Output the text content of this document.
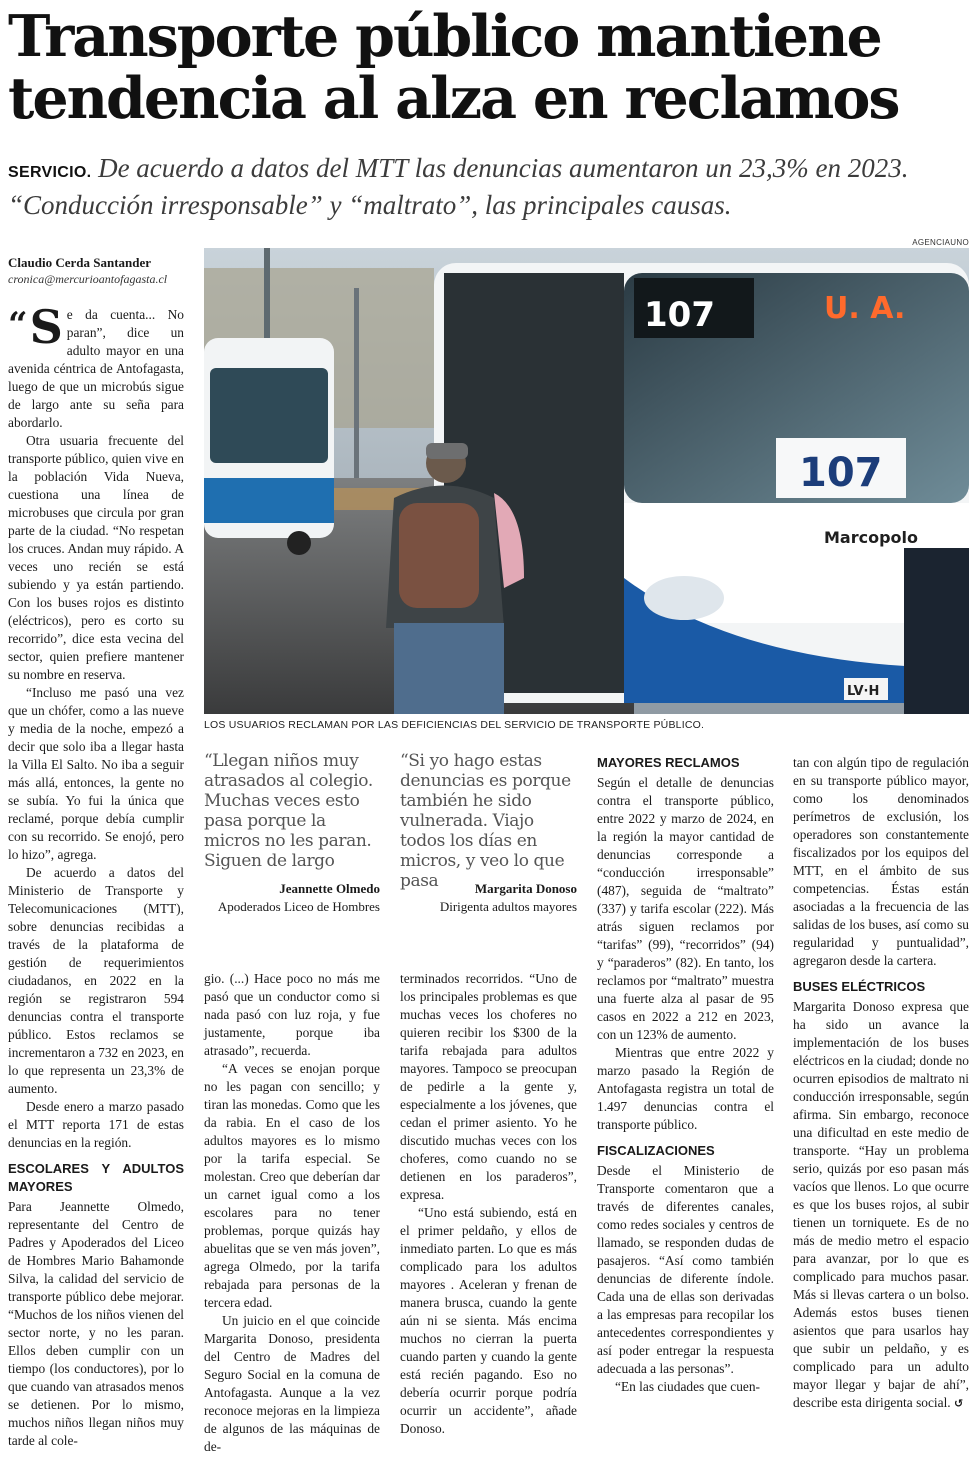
Transporte público mantiene
tendencia al alza en reclamos

SERVICIO. De acuerdo a datos del MTT las denuncias aumentaron un 23,3% en 2023. “Conducción irresponsable” y “maltrato”, las principales causas.

Claudio Cerda Santander
cronica@mercurioantofagasta.cl
AGENCIAUNO
107	U. A.
107
Marcopolo
LV·H
LOS USUARIOS RECLAMAN POR LAS DEFICIENCIAS DEL SERVICIO DE TRANSPORTE PÚBLICO.
“ S e da cuenta... No paran”, dice un adulto mayor en una avenida céntrica de Antofagasta, luego de que un microbús sigue de largo ante su seña para abordarlo.

Otra usuaria frecuente del transporte público, quien vive en la población Vida Nueva, cuestiona una línea de microbuses que circula por gran parte de la ciudad. “No respetan los cruces. Andan muy rápido. A veces uno recién se está subiendo y ya están partiendo. Con los buses rojos es distinto (eléctricos), pero es corto su recorrido”, dice esta vecina del sector, quien prefiere mantener su nombre en reserva.

“Incluso me pasó una vez que un chófer, como a las nueve y media de la noche, empezó a decir que solo iba a llegar hasta la Villa El Salto. No iba a seguir más allá, entonces, la gente no se subía. Yo fui la única que reclamé, porque debía cumplir con su recorrido. Se enojó, pero lo hizo”, agrega.

De acuerdo a datos del Ministerio de Transporte y Telecomunicaciones (MTT), sobre denuncias recibidas a través de la plataforma de gestión de requerimientos ciudadanos, en 2022 en la región se registraron 594 denuncias contra el transporte público. Estos reclamos se incrementaron a 732 en 2023, en lo que representa un 23,3% de aumento.

Desde enero a marzo pasado el MTT reporta 171 de estas denuncias en la región.

ESCOLARES Y ADULTOS MAYORES

Para Jeannette Olmedo, representante del Centro de Padres y Apoderados del Liceo de Hombres Mario Bahamonde Silva, la calidad del servicio de transporte público debe mejorar. “Muchos de los niños vienen del sector norte, y no les paran. Ellos deben cumplir con un tiempo (los conductores), por lo que cuando van atrasados menos se detienen. Por lo mismo, muchos niños llegan niños muy tarde al cole-

“Llegan niños muy atrasados al colegio. Muchas veces esto pasa porque la micros no les paran. Siguen de largo
Jeannette Olmedo
Apoderados Liceo de Hombres
“Si yo hago estas denuncias es porque también he sido vulnerada. Viajo todos los días en micros, y veo lo que pasa	Margarita Donoso
Dirigenta adultos mayores

gio. (...) Hace poco no más me pasó que un conductor como si nada pasó con luz roja, y fue justamente, porque iba atrasado”, recuerda.

“A veces se enojan porque no les pagan con sencillo; y tiran las monedas. Como que les da rabia. En el caso de los adultos mayores es lo mismo por la tarifa especial. Se molestan. Creo que deberían dar un carnet igual como a los escolares para no tener problemas, porque quizás hay abuelitas que se ven más joven”, agrega Olmedo, por la tarifa rebajada para personas de la tercera edad.

Un juicio en el que coincide Margarita Donoso, presidenta del Centro de Madres del Seguro Social en la comuna de Antofagasta. Aunque a la vez reconoce mejoras en la limpieza de algunos de las máquinas de de-

terminados recorridos. “Uno de los principales problemas es que muchas veces los choferes no quieren recibir los $300 de la tarifa rebajada para adultos mayores. Tampoco se preocupan de pedirle a la gente y, especialmente a los jóvenes, que cedan el primer asiento. Yo he discutido muchas veces con los choferes, como cuando no se detienen en los paraderos”, expresa.

“Uno está subiendo, está en el primer peldaño, y ellos de inmediato parten. Lo que es más complicado para los adultos mayores . Aceleran y frenan de manera brusca, cuando la gente aún ni se sienta. Más encima muchos no cierran la puerta cuando parten y cuando la gente está recién pagando. Eso no debería ocurrir porque podría ocurrir un accidente”, añade Donoso.

MAYORES RECLAMOS

Según el detalle de denuncias contra el transporte público, entre 2022 y marzo de 2024, en la región la mayor cantidad de denuncias corresponde a “conducción irresponsable” (487), seguida de “maltrato” (337) y tarifa escolar (222). Más atrás siguen reclamos por “tarifas” (99), “recorridos” (94) y “paraderos” (82). En tanto, los reclamos por “maltrato” muestra una fuerte alza al pasar de 95 casos en 2022 a 212 en 2023, con un 123% de aumento.

Mientras que entre 2022 y marzo pasado la Región de Antofagasta registra un total de 1.497 denuncias contra el transporte público.

FISCALIZACIONES

Desde el Ministerio de Transporte comentaron que a través de diferentes canales, como redes sociales y centros de llamado, se responden dudas de pasajeros. “Así como también denuncias de diferente índole. Cada una de ellas son derivadas a las empresas para recopilar los antecedentes correspondientes y así poder entregar la respuesta adecuada a las personas”.

“En las ciudades que cuen-

tan con algún tipo de regulación en su transporte público mayor, como los denominados perímetros de exclusión, los operadores son constantemente fiscalizados por los equipos del MTT, en el ámbito de sus competencias. Éstas están asociadas a la frecuencia de las salidas de los buses, así como su regularidad y puntualidad”, agregaron desde la cartera.

BUSES ELÉCTRICOS

Margarita Donoso expresa que ha sido un avance la implementación de los buses eléctricos en la ciudad; donde no ocurren episodios de maltrato ni conducción irresponsable, según afirma. Sin embargo, reconoce una dificultad en este medio de transporte. “Hay un problema serio, quizás por eso pasan más vacíos que llenos. Lo que ocurre es que los buses rojos, al subir tienen un torniquete. Es de no más de medio metro el espacio para avanzar, por lo que es complicado para muchos pasar. Más si llevas cartera o un bolso. Además estos buses tienen asientos que para usarlos hay que subir un peldaño, y es complicado para un adulto mayor llegar y bajar de ahí”, describe esta dirigenta social. ↺
